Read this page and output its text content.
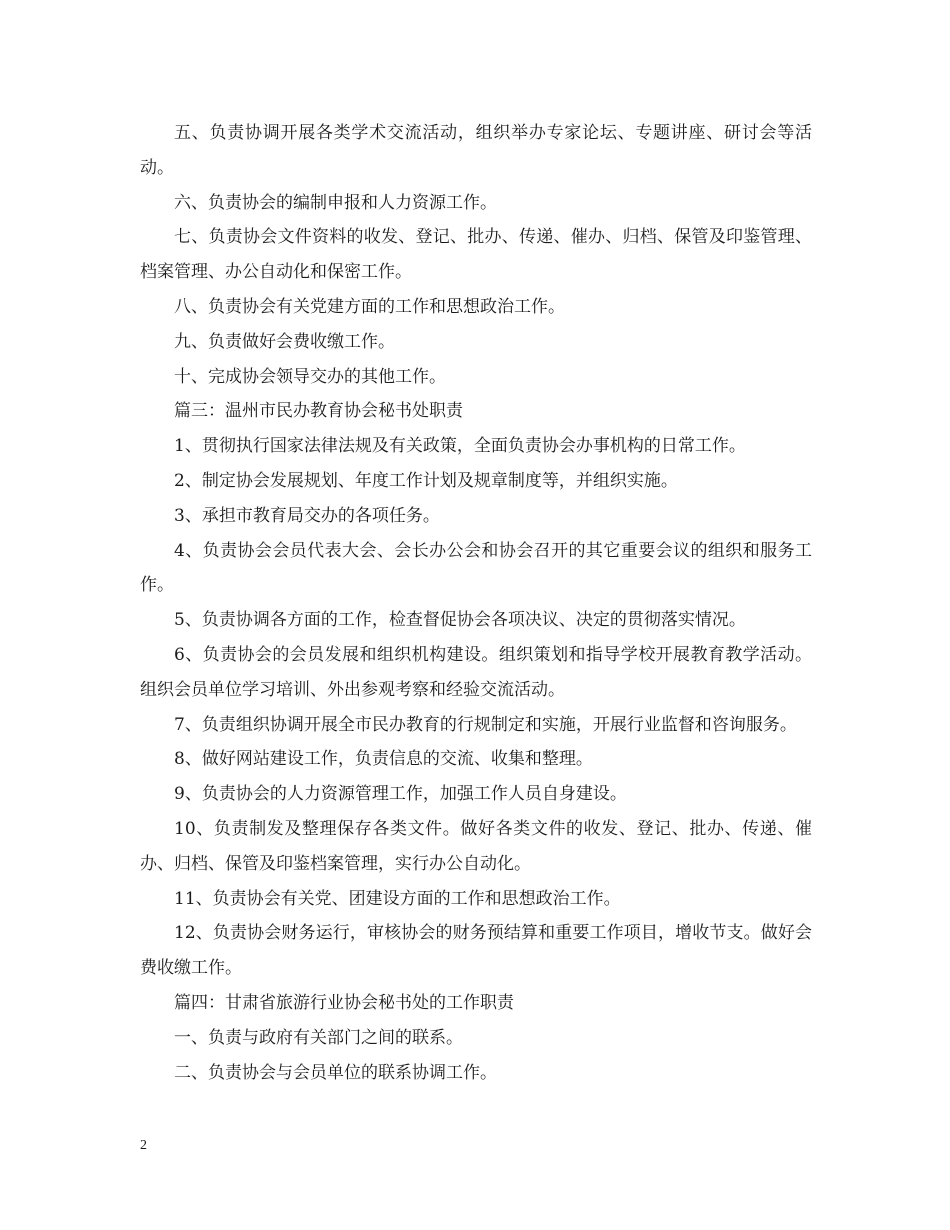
五、负责协调开展各类学术交流活动，组织举办专家论坛、专题讲座、研讨会等活动。

六、负责协会的编制申报和人力资源工作。

七、负责协会文件资料的收发、登记、批办、传递、催办、归档、保管及印鉴管理、档案管理、办公自动化和保密工作。

八、负责协会有关党建方面的工作和思想政治工作。

九、负责做好会费收缴工作。

十、完成协会领导交办的其他工作。

篇三：温州市民办教育协会秘书处职责

1、贯彻执行国家法律法规及有关政策，全面负责协会办事机构的日常工作。

2、制定协会发展规划、年度工作计划及规章制度等，并组织实施。

3、承担市教育局交办的各项任务。

4、负责协会会员代表大会、会长办公会和协会召开的其它重要会议的组织和服务工作。

5、负责协调各方面的工作，检查督促协会各项决议、决定的贯彻落实情况。

6、负责协会的会员发展和组织机构建设。组织策划和指导学校开展教育教学活动。组织会员单位学习培训、外出参观考察和经验交流活动。

7、负责组织协调开展全市民办教育的行规制定和实施，开展行业监督和咨询服务。

8、做好网站建设工作，负责信息的交流、收集和整理。

9、负责协会的人力资源管理工作，加强工作人员自身建设。

10、负责制发及整理保存各类文件。做好各类文件的收发、登记、批办、传递、催办、归档、保管及印鉴档案管理，实行办公自动化。

11、负责协会有关党、团建设方面的工作和思想政治工作。

12、负责协会财务运行，审核协会的财务预结算和重要工作项目，增收节支。做好会费收缴工作。

篇四：甘肃省旅游行业协会秘书处的工作职责

一、负责与政府有关部门之间的联系。

二、负责协会与会员单位的联系协调工作。

2
